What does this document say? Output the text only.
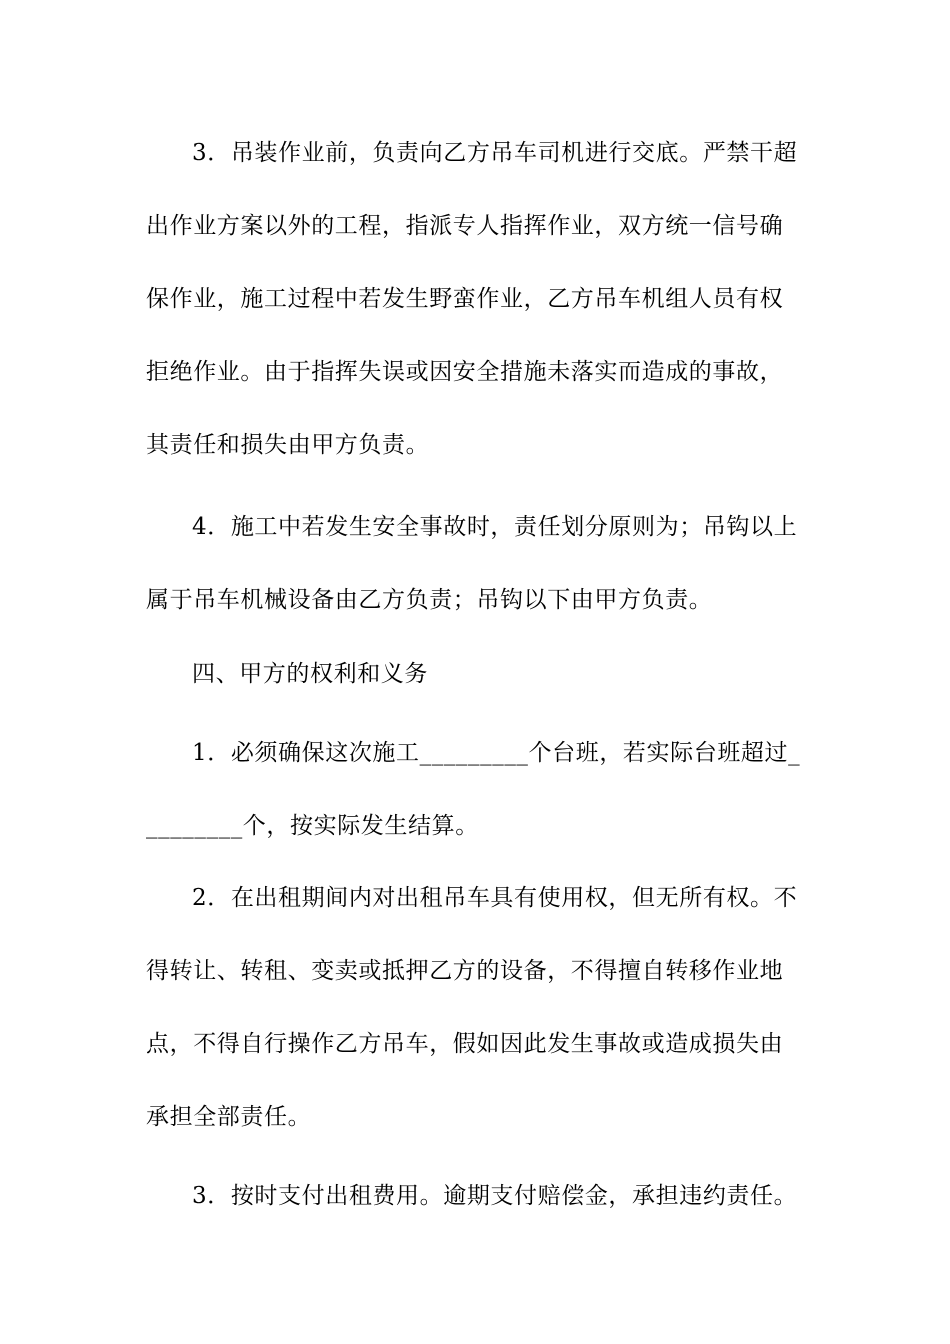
3．吊装作业前，负责向乙方吊车司机进行交底。严禁干超
出作业方案以外的工程，指派专人指挥作业，双方统一信号确
保作业，施工过程中若发生野蛮作业，乙方吊车机组人员有权
拒绝作业。由于指挥失误或因安全措施未落实而造成的事故，
其责任和损失由甲方负责。
4．施工中若发生安全事故时，责任划分原则为；吊钩以上
属于吊车机械设备由乙方负责；吊钩以下由甲方负责。
四、甲方的权利和义务
1．必须确保这次施工_________个台班，若实际台班超过_
________个，按实际发生结算。
2．在出租期间内对出租吊车具有使用权，但无所有权。不
得转让、转租、变卖或抵押乙方的设备，不得擅自转移作业地
点，不得自行操作乙方吊车，假如因此发生事故或造成损失由
承担全部责任。
3．按时支付出租费用。逾期支付赔偿金，承担违约责任。
